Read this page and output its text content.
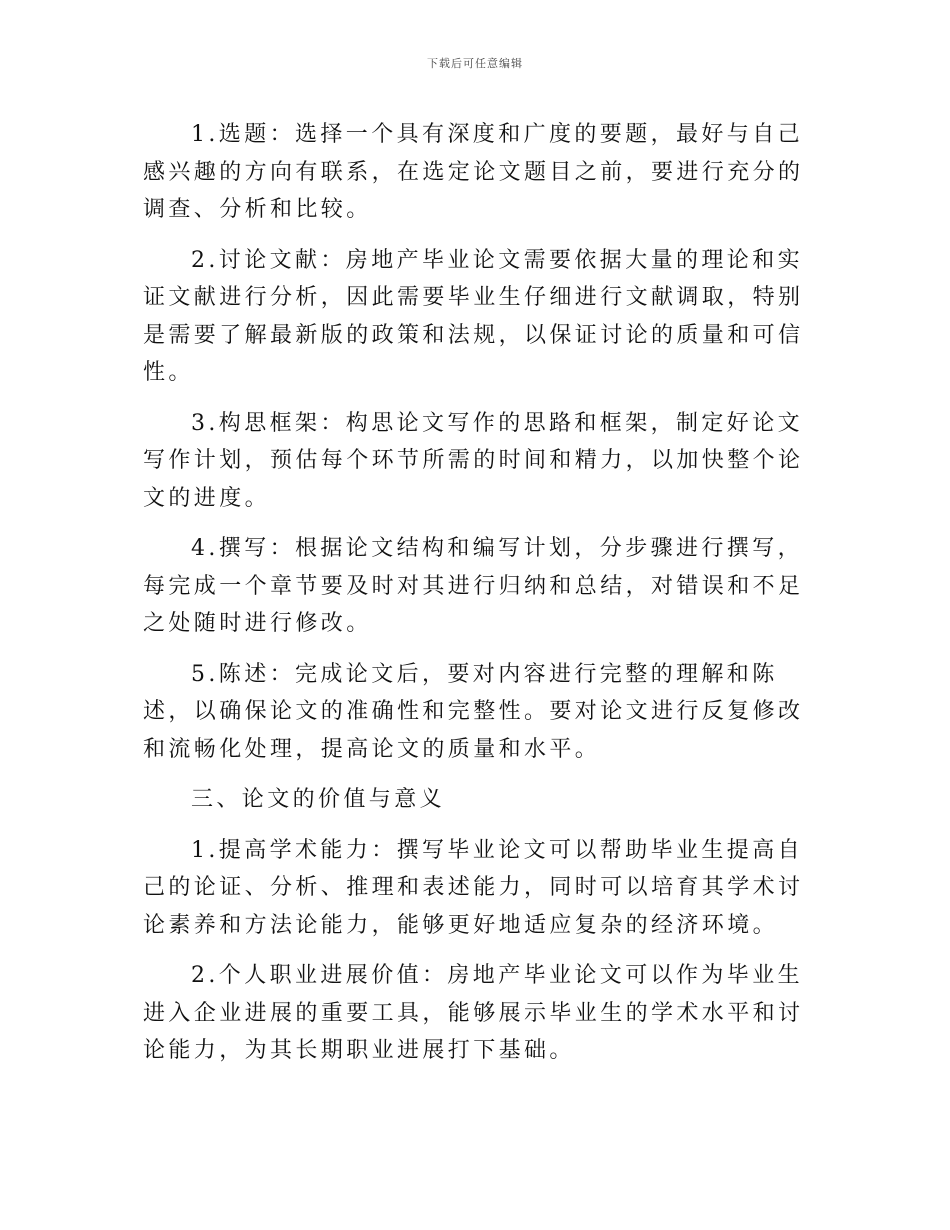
下载后可任意编辑

1.选题：选择一个具有深度和广度的要题，最好与自己感兴趣的方向有联系，在选定论文题目之前，要进行充分的调查、分析和比较。

2.讨论文献：房地产毕业论文需要依据大量的理论和实证文献进行分析，因此需要毕业生仔细进行文献调取，特别是需要了解最新版的政策和法规，以保证讨论的质量和可信性。

3.构思框架：构思论文写作的思路和框架，制定好论文写作计划，预估每个环节所需的时间和精力，以加快整个论文的进度。

4.撰写：根据论文结构和编写计划，分步骤进行撰写，每完成一个章节要及时对其进行归纳和总结，对错误和不足之处随时进行修改。

5.陈述：完成论文后，要对内容进行完整的理解和陈述，以确保论文的准确性和完整性。要对论文进行反复修改和流畅化处理，提高论文的质量和水平。

三、论文的价值与意义

1.提高学术能力：撰写毕业论文可以帮助毕业生提高自己的论证、分析、推理和表述能力，同时可以培育其学术讨论素养和方法论能力，能够更好地适应复杂的经济环境。

2.个人职业进展价值：房地产毕业论文可以作为毕业生进入企业进展的重要工具，能够展示毕业生的学术水平和讨论能力，为其长期职业进展打下基础。
